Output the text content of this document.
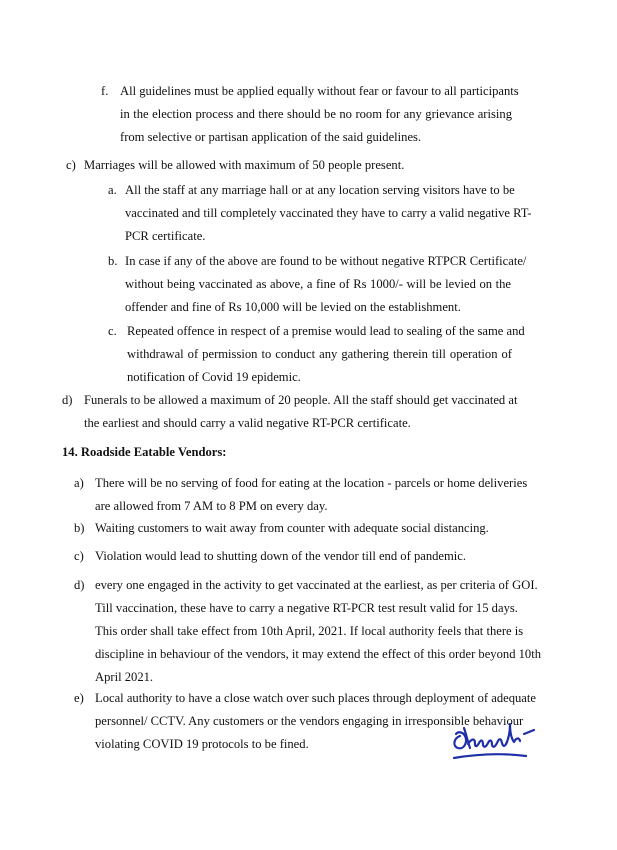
f. All guidelines must be applied equally without fear or favour to all participants
in the election process and there should be no room for any grievance arising
from selective or partisan application of the said guidelines.
c) Marriages will be allowed with maximum of 50 people present.
a. All the staff at any marriage hall or at any location serving visitors have to be
vaccinated and till completely vaccinated they have to carry a valid negative RT-
PCR certificate.
b. In case if any of the above are found to be without negative RTPCR Certificate/
without being vaccinated as above, a fine of Rs 1000/- will be levied on the
offender and fine of Rs 10,000 will be levied on the establishment.
c. Repeated offence in respect of a premise would lead to sealing of the same and
withdrawal of permission to conduct any gathering therein till operation of
notification of Covid 19 epidemic.
d) Funerals to be allowed a maximum of 20 people. All the staff should get vaccinated at
the earliest and should carry a valid negative RT-PCR certificate.
14. Roadside Eatable Vendors:
a) There will be no serving of food for eating at the location - parcels or home deliveries
are allowed from 7 AM to 8 PM on every day.
b) Waiting customers to wait away from counter with adequate social distancing.
c) Violation would lead to shutting down of the vendor till end of pandemic.
d) every one engaged in the activity to get vaccinated at the earliest, as per criteria of GOI.
Till vaccination, these have to carry a negative RT-PCR test result valid for 15 days.
This order shall take effect from 10th April, 2021. If local authority feels that there is
discipline in behaviour of the vendors, it may extend the effect of this order beyond 10th
April 2021.
e) Local authority to have a close watch over such places through deployment of adequate
personnel/ CCTV. Any customers or the vendors engaging in irresponsible behaviour
violating COVID 19 protocols to be fined.
